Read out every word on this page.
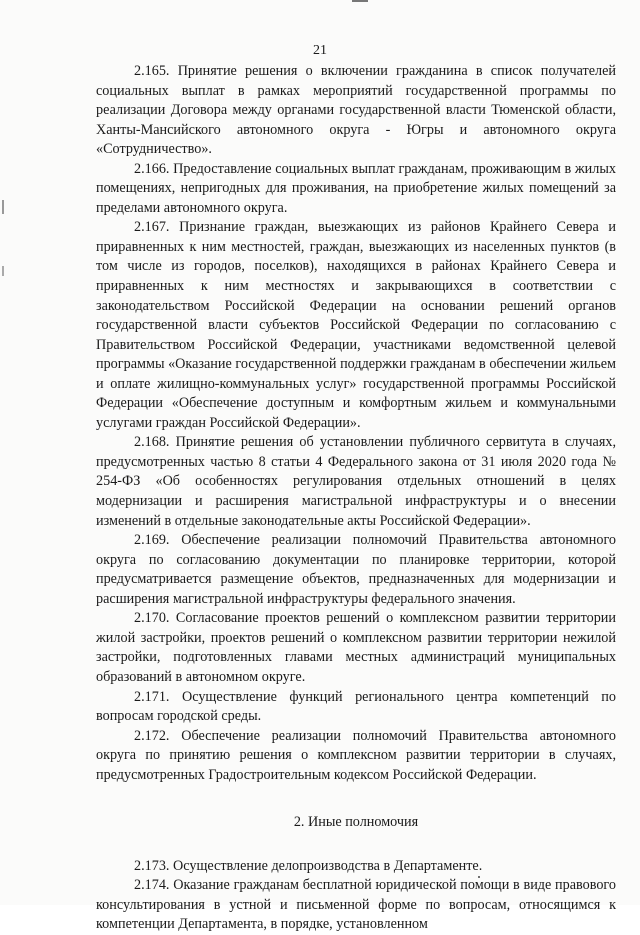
21

2.165. Принятие решения о включении гражданина в список получателей социальных выплат в рамках мероприятий государственной программы по реализации Договора между органами государственной власти Тюменской области, Ханты-Мансийского автономного округа - Югры и автономного округа «Сотрудничество».

2.166. Предоставление социальных выплат гражданам, проживающим в жилых помещениях, непригодных для проживания, на приобретение жилых помещений за пределами автономного округа.

2.167. Признание граждан, выезжающих из районов Крайнего Севера и приравненных к ним местностей, граждан, выезжающих из населенных пунктов (в том числе из городов, поселков), находящихся в районах Крайнего Севера и приравненных к ним местностях и закрывающихся в соответствии с законодательством Российской Федерации на основании решений органов государственной власти субъектов Российской Федерации по согласованию с Правительством Российской Федерации, участниками ведомственной целевой программы «Оказание государственной поддержки гражданам в обеспечении жильем и оплате жилищно-коммунальных услуг» государственной программы Российской Федерации «Обеспечение доступным и комфортным жильем и коммунальными услугами граждан Российской Федерации».

2.168. Принятие решения об установлении публичного сервитута в случаях, предусмотренных частью 8 статьи 4 Федерального закона от 31 июля 2020 года № 254-ФЗ «Об особенностях регулирования отдельных отношений в целях модернизации и расширения магистральной инфраструктуры и о внесении изменений в отдельные законодательные акты Российской Федерации».

2.169. Обеспечение реализации полномочий Правительства автономного округа по согласованию документации по планировке территории, которой предусматривается размещение объектов, предназначенных для модернизации и расширения магистральной инфраструктуры федерального значения.

2.170. Согласование проектов решений о комплексном развитии территории жилой застройки, проектов решений о комплексном развитии территории нежилой застройки, подготовленных главами местных администраций муниципальных образований в автономном округе.

2.171. Осуществление функций регионального центра компетенций по вопросам городской среды.

2.172. Обеспечение реализации полномочий Правительства автономного округа по принятию решения о комплексном развитии территории в случаях, предусмотренных Градостроительным кодексом Российской Федерации.

2. Иные полномочия

2.173. Осуществление делопроизводства в Департаменте.

2.174. Оказание гражданам бесплатной юридической помощи в виде правового консультирования в устной и письменной форме по вопросам, относящимся к компетенции Департамента, в порядке, установленном
